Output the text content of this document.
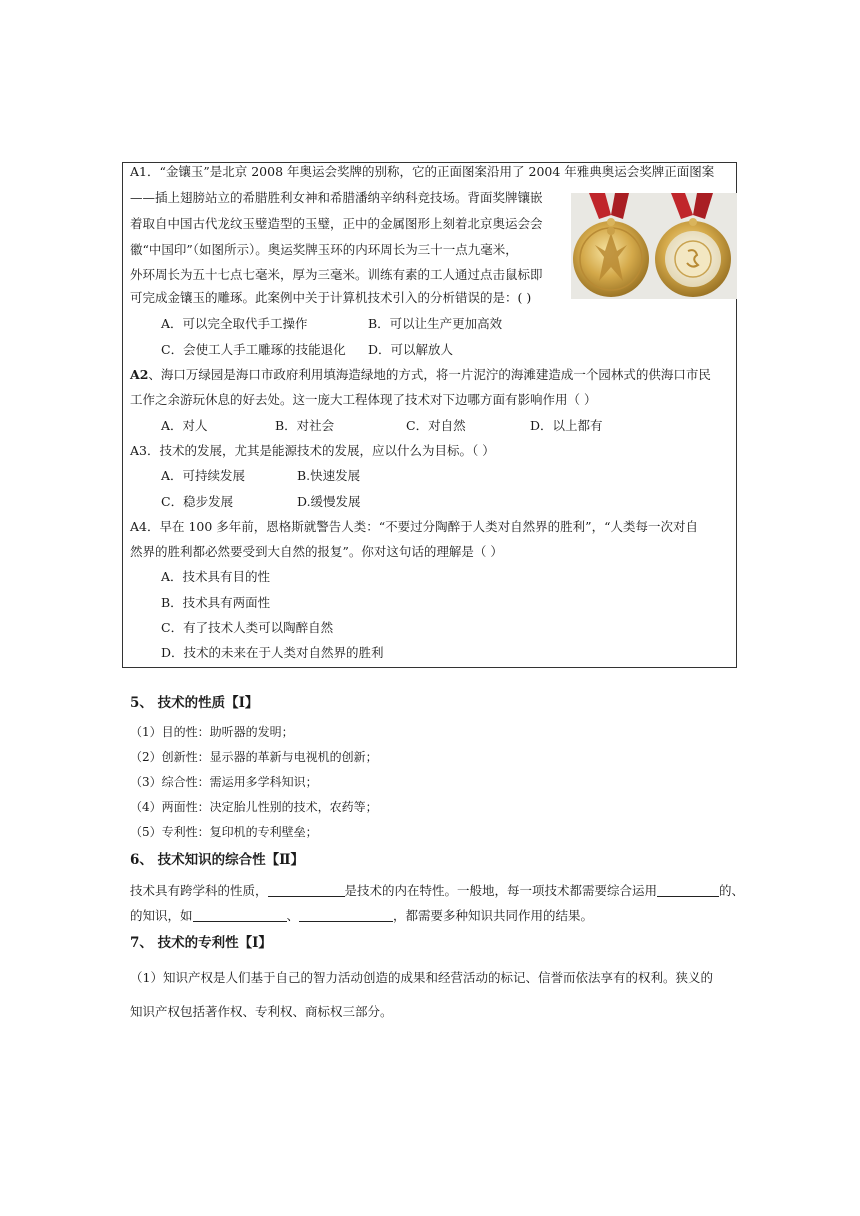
A1．“金镶玉”是北京 2008 年奥运会奖牌的别称，它的正面图案沿用了 2004 年雅典奥运会奖牌正面图案
——插上翅膀站立的希腊胜利女神和希腊潘纳辛纳科竞技场。背面奖牌镶嵌
着取自中国古代龙纹玉璧造型的玉璧，正中的金属图形上刻着北京奥运会会
徽“中国印”（如图所示）。奥运奖牌玉环的内环周长为三十一点九毫米，
外环周长为五十七点七毫米，厚为三毫米。训练有素的工人通过点击鼠标即
可完成金镶玉的雕琢。此案例中关于计算机技术引入的分析错误的是：( )
A．可以完全取代手工操作	B．可以让生产更加高效
C．会使工人手工雕琢的技能退化 D．可以解放人
A2、海口万绿园是海口市政府利用填海造绿地的方式，将一片泥泞的海滩建造成一个园林式的供海口市民
工作之余游玩休息的好去处。这一庞大工程体现了技术对下边哪方面有影响作用（ ）
A．对人	B．对社会	C．对自然	D．以上都有
A3．技术的发展，尤其是能源技术的发展，应以什么为目标。（ ）
A．可持续发展	B.快速发展
C．稳步发展	D.缓慢发展
A4．早在 100 多年前，恩格斯就警告人类：“不要过分陶醉于人类对自然界的胜利”，“人类每一次对自
然界的胜利都必然要受到大自然的报复”。你对这句话的理解是（ ）
A．技术具有目的性
B．技术具有两面性
C．有了技术人类可以陶醉自然
D．技术的未来在于人类对自然界的胜利
5、 技术的性质【Ⅰ】
（1）目的性：助听器的发明；
（2）创新性：显示器的革新与电视机的创新；
（3）综合性：需运用多学科知识；
（4）两面性：决定胎儿性别的技术，农药等；
（5）专利性：复印机的专利壁垒；
6、 技术知识的综合性【Ⅱ】
技术具有跨学科的性质，	是技术的内在特性。一般地，每一项技术都需要综合运用	的、
的知识，如	、	，都需要多种知识共同作用的结果。
7、 技术的专利性【Ⅰ】
（1）知识产权是人们基于自己的智力活动创造的成果和经营活动的标记、信誉而依法享有的权利。狭义的
知识产权包括著作权、专利权、商标权三部分。
